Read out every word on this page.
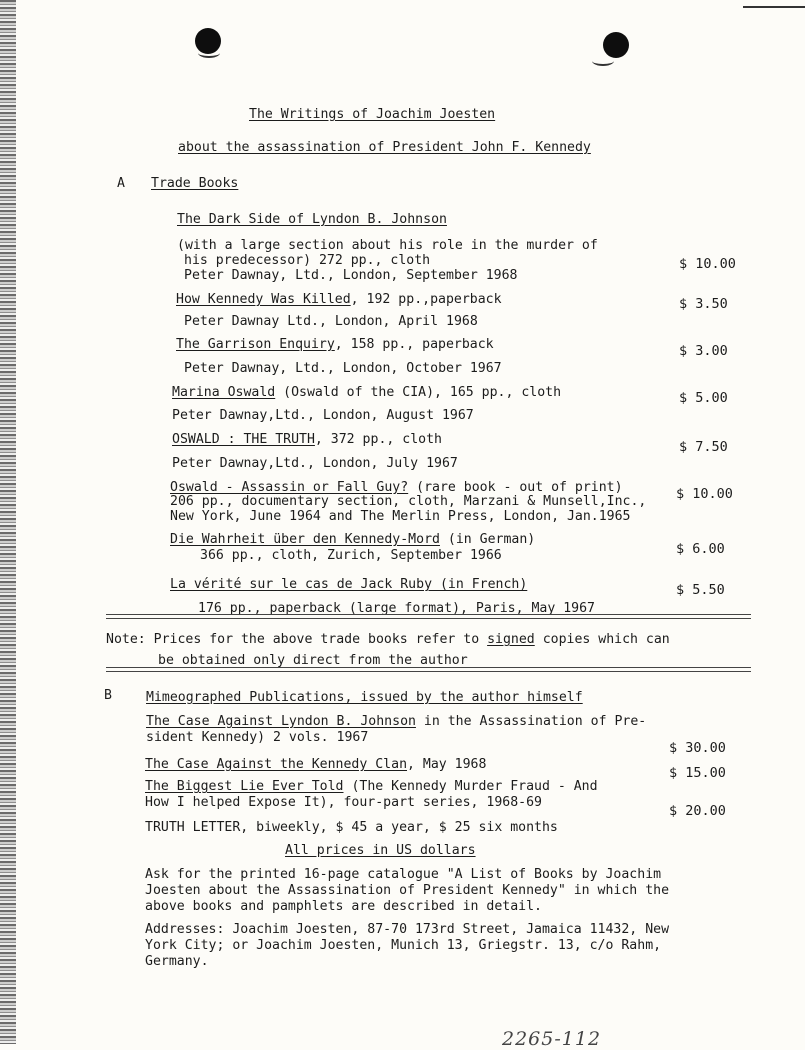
The Writings of Joachim Joesten
about the assassination of President John F. Kennedy
A Trade Books
The Dark Side of Lyndon B. Johnson
(with a large section about his role in the murder of
his predecessor) 272 pp., cloth
Peter Dawnay, Ltd., London, September 1968
$ 10.00
How Kennedy Was Killed, 192 pp.,paperback
Peter Dawnay Ltd., London, April 1968
$ 3.50
The Garrison Enquiry, 158 pp., paperback
Peter Dawnay, Ltd., London, October 1967
$ 3.00
Marina Oswald (Oswald of the CIA), 165 pp., cloth
Peter Dawnay,Ltd., London, August 1967
$ 5.00
OSWALD : THE TRUTH, 372 pp., cloth
Peter Dawnay,Ltd., London, July 1967
$ 7.50
Oswald - Assassin or Fall Guy? (rare book - out of print)
206 pp., documentary section, cloth, Marzani & Munsell,Inc.,
New York, June 1964 and The Merlin Press, London, Jan.1965
$ 10.00
Die Wahrheit über den Kennedy-Mord (in German)
366 pp., cloth, Zurich, September 1966	$ 6.00
La vérité sur le cas de Jack Ruby (in French)
176 pp., paperback (large format), Paris, May 1967
$ 5.50
Note: Prices for the above trade books refer to signed copies which can
be obtained only direct from the author
B	Mimeographed Publications, issued by the author himself
The Case Against Lyndon B. Johnson in the Assassination of Pre-
sident Kennedy) 2 vols. 1967
$ 30.00
The Case Against the Kennedy Clan, May 1968
$ 15.00
The Biggest Lie Ever Told (The Kennedy Murder Fraud - And
How I helped Expose It), four-part series, 1968-69
$ 20.00
TRUTH LETTER, biweekly, $ 45 a year, $ 25 six months
All prices in US dollars
Ask for the printed 16-page catalogue "A List of Books by Joachim
Joesten about the Assassination of President Kennedy" in which the
above books and pamphlets are described in detail.
Addresses: Joachim Joesten, 87-70 173rd Street, Jamaica 11432, New
York City; or Joachim Joesten, Munich 13, Griegstr. 13, c/o Rahm,
Germany.
2265-112
